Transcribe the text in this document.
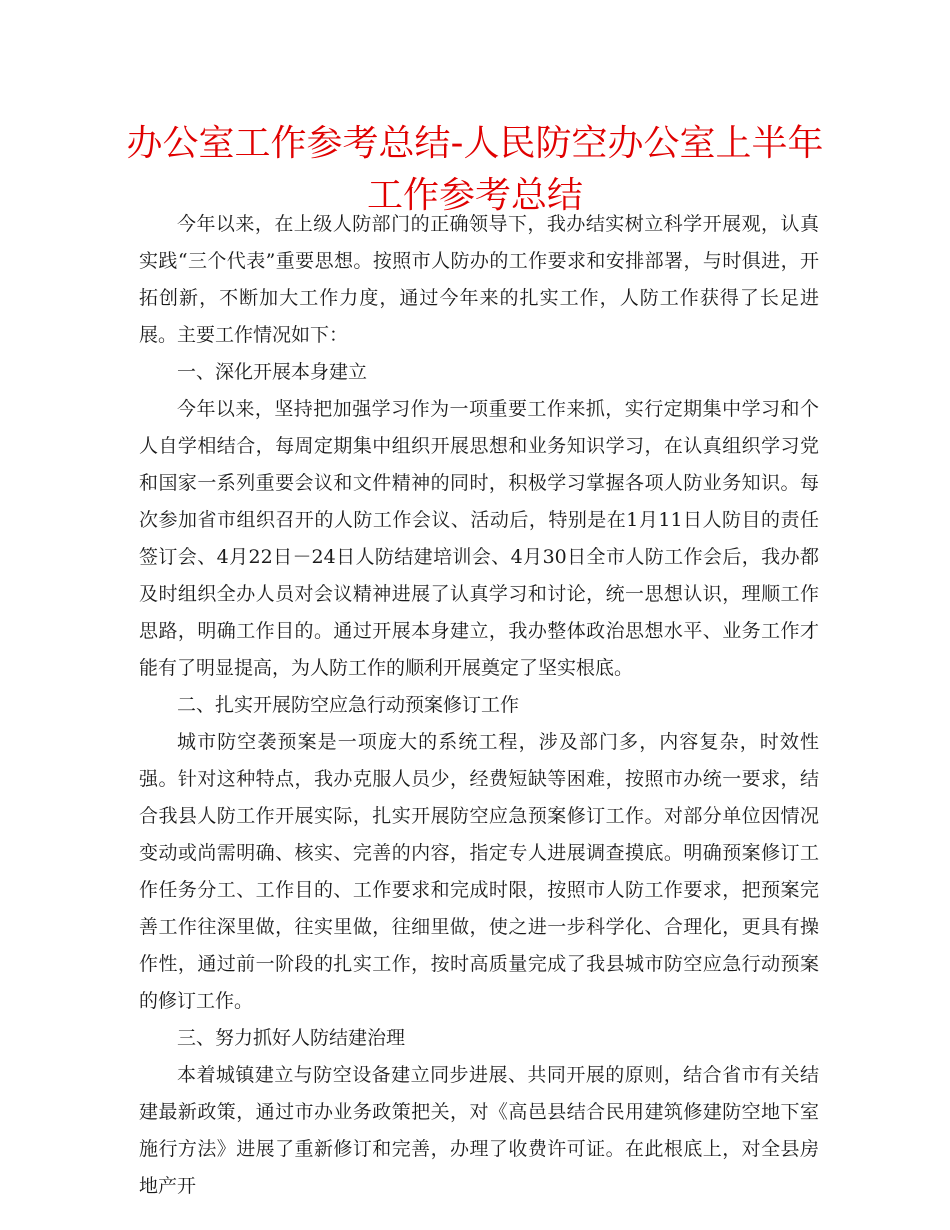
办公室工作参考总结-人民防空办公室上半年工作参考总结

今年以来，在上级人防部门的正确领导下，我办结实树立科学开展观，认真实践“三个代表”重要思想。按照市人防办的工作要求和安排部署，与时俱进，开拓创新，不断加大工作力度，通过今年来的扎实工作，人防工作获得了长足进展。主要工作情况如下：

一、深化开展本身建立

今年以来，坚持把加强学习作为一项重要工作来抓，实行定期集中学习和个人自学相结合，每周定期集中组织开展思想和业务知识学习，在认真组织学习党和国家一系列重要会议和文件精神的同时，积极学习掌握各项人防业务知识。每次参加省市组织召开的人防工作会议、活动后，特别是在1月11日人防目的责任签订会、4月22日－24日人防结建培训会、4月30日全市人防工作会后，我办都及时组织全办人员对会议精神进展了认真学习和讨论，统一思想认识，理顺工作思路，明确工作目的。通过开展本身建立，我办整体政治思想水平、业务工作才能有了明显提高，为人防工作的顺利开展奠定了坚实根底。

二、扎实开展防空应急行动预案修订工作

城市防空袭预案是一项庞大的系统工程，涉及部门多，内容复杂，时效性强。针对这种特点，我办克服人员少，经费短缺等困难，按照市办统一要求，结合我县人防工作开展实际，扎实开展防空应急预案修订工作。对部分单位因情况变动或尚需明确、核实、完善的内容，指定专人进展调查摸底。明确预案修订工作任务分工、工作目的、工作要求和完成时限，按照市人防工作要求，把预案完善工作往深里做，往实里做，往细里做，使之进一步科学化、合理化，更具有操作性，通过前一阶段的扎实工作，按时高质量完成了我县城市防空应急行动预案的修订工作。

三、努力抓好人防结建治理

本着城镇建立与防空设备建立同步进展、共同开展的原则，结合省市有关结建最新政策，通过市办业务政策把关，对《高邑县结合民用建筑修建防空地下室施行方法》进展了重新修订和完善，办理了收费许可证。在此根底上，对全县房地产开
